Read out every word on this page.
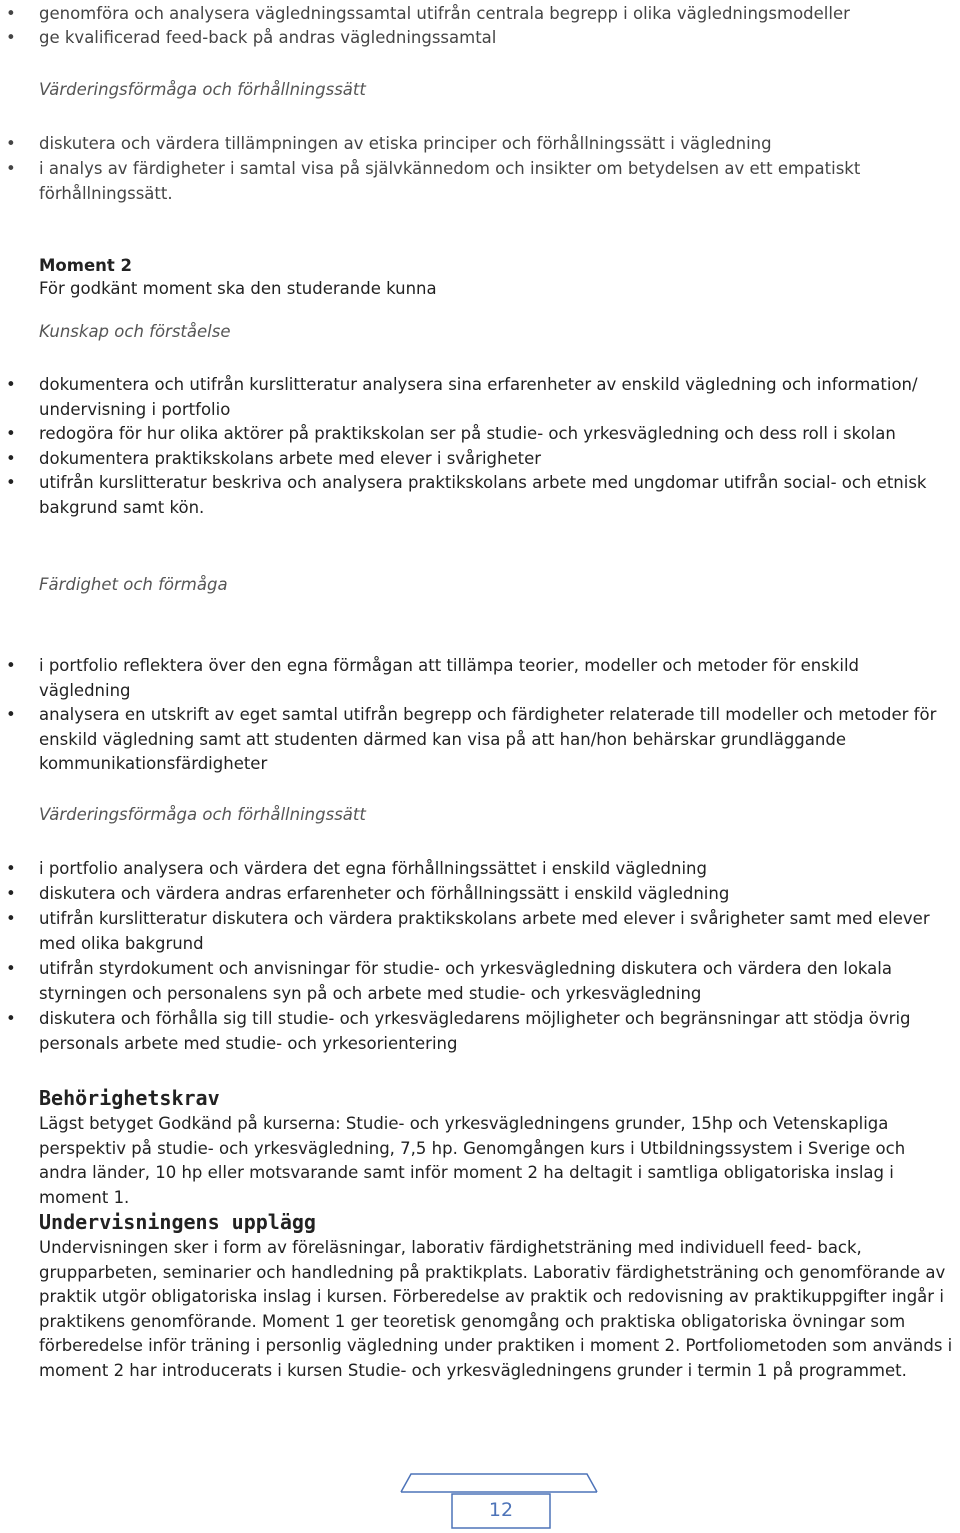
• genomföra och analysera vägledningssamtal utifrån centrala begrepp i olika vägledningsmodeller
• ge kvalificerad feed-back på andras vägledningssamtal
Värderingsförmåga och förhållningssätt
• diskutera och värdera tillämpningen av etiska principer och förhållningssätt i vägledning
• i analys av färdigheter i samtal visa på självkännedom och insikter om betydelsen av ett empatiskt förhållningssätt.
Moment 2
För godkänt moment ska den studerande kunna
Kunskap och förståelse
• dokumentera och utifrån kurslitteratur analysera sina erfarenheter av enskild vägledning och information/ undervisning i portfolio
• redogöra för hur olika aktörer på praktikskolan ser på studie- och yrkesvägledning och dess roll i skolan
• dokumentera praktikskolans arbete med elever i svårigheter
• utifrån kurslitteratur beskriva och analysera praktikskolans arbete med ungdomar utifrån social- och etnisk bakgrund samt kön.
Färdighet och förmåga
• i portfolio reflektera över den egna förmågan att tillämpa teorier, modeller och metoder för enskild vägledning
• analysera en utskrift av eget samtal utifrån begrepp och färdigheter relaterade till modeller och metoder för enskild vägledning samt att studenten därmed kan visa på att han/hon behärskar grundläggande kommunikationsfärdigheter
Värderingsförmåga och förhållningssätt
• i portfolio analysera och värdera det egna förhållningssättet i enskild vägledning
• diskutera och värdera andras erfarenheter och förhållningssätt i enskild vägledning
• utifrån kurslitteratur diskutera och värdera praktikskolans arbete med elever i svårigheter samt med elever med olika bakgrund
• utifrån styrdokument och anvisningar för studie- och yrkesvägledning diskutera och värdera den lokala styrningen och personalens syn på och arbete med studie- och yrkesvägledning
• diskutera och förhålla sig till studie- och yrkesvägledarens möjligheter och begränsningar att stödja övrig personals arbete med studie- och yrkesorientering
Behörighetskrav
Lägst betyget Godkänd på kurserna: Studie- och yrkesvägledningens grunder, 15hp och Vetenskapliga perspektiv på studie- och yrkesvägledning, 7,5 hp. Genomgången kurs i Utbildningssystem i Sverige och andra länder, 10 hp eller motsvarande samt inför moment 2 ha deltagit i samtliga obligatoriska inslag i moment 1.
Undervisningens upplägg
Undervisningen sker i form av föreläsningar, laborativ färdighetsträning med individuell feed- back, grupparbeten, seminarier och handledning på praktikplats. Laborativ färdighetsträning och genomförande av praktik utgör obligatoriska inslag i kursen. Förberedelse av praktik och redovisning av praktikuppgifter ingår i praktikens genomförande. Moment 1 ger teoretisk genomgång och praktiska obligatoriska övningar som förberedelse inför träning i personlig vägledning under praktiken i moment 2. Portfoliometoden som används i moment 2 har introducerats i kursen Studie- och yrkesvägledningens grunder i termin 1 på programmet.
12
